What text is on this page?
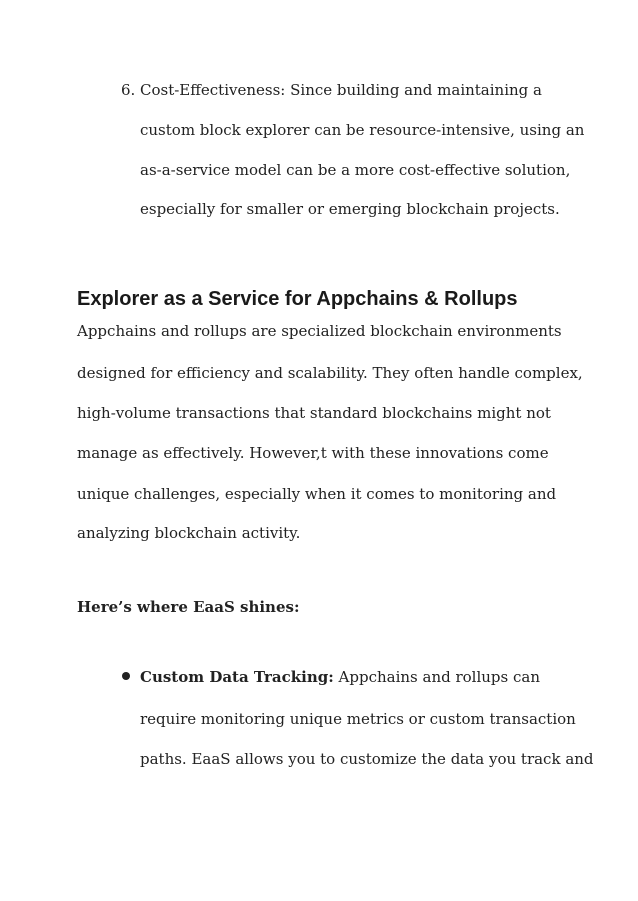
6. Cost-Effectiveness: Since building and maintaining a
custom block explorer can be resource-intensive, using an
as-a-service model can be a more cost-effective solution,
especially for smaller or emerging blockchain projects.
Explorer as a Service for Appchains & Rollups
Appchains and rollups are specialized blockchain environments
designed for efficiency and scalability. They often handle complex,
high-volume transactions that standard blockchains might not
manage as effectively. However,t with these innovations come
unique challenges, especially when it comes to monitoring and
analyzing blockchain activity.
Here’s where EaaS shines:
Custom Data Tracking: Appchains and rollups can
require monitoring unique metrics or custom transaction
paths. EaaS allows you to customize the data you track and
